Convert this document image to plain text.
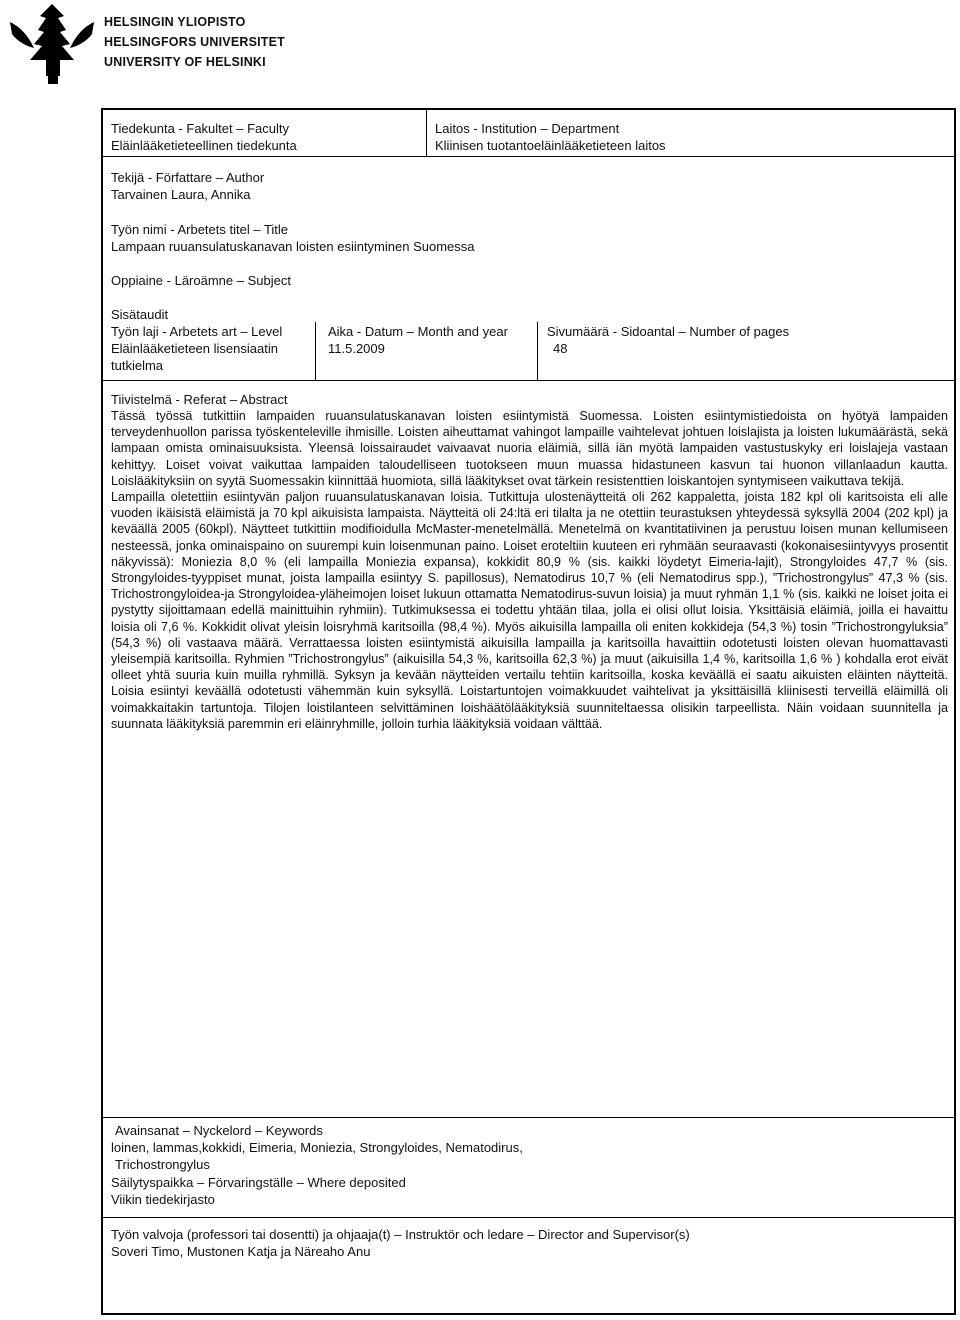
HELSINGIN YLIOPISTO
HELSINGFORS UNIVERSITET
UNIVERSITY OF HELSINKI
Tiedekunta - Fakultet – Faculty
Eläinlääketieteellinen tiedekunta
Laitos - Institution – Department
Kliinisen tuotantoeläinlääketieteen laitos
Tekijä - Författare – Author
Tarvainen Laura, Annika
Työn nimi - Arbetets titel – Title
Lampaan ruuansulatuskanavan loisten esiintyminen Suomessa
Oppiaine - Läroämne – Subject
Sisätaudit
Työn laji - Arbetets art – Level
Eläinlääketieteen lisensiaatin
tutkielma
Aika - Datum – Month and year
11.5.2009
Sivumäärä - Sidoantal – Number of pages
48
Tiivistelmä - Referat – Abstract

Tässä työssä tutkittiin lampaiden ruuansulatuskanavan loisten esiintymistä Suomessa. Loisten esiintymistiedoista on hyötyä lampaiden terveydenhuollon parissa työskenteleville ihmisille. Loisten aiheuttamat vahingot lampaille vaihtelevat johtuen loislajista ja loisten lukumäärästä, sekä lampaan omista ominaisuuksista. Yleensä loissairaudet vaivaavat nuoria eläimiä, sillä iän myötä lampaiden vastustuskyky eri loislajeja vastaan kehittyy. Loiset voivat vaikuttaa lampaiden taloudelliseen tuotokseen muun muassa hidastuneen kasvun tai huonon villanlaadun kautta. Loislääkityksiin on syytä Suomessakin kiinnittää huomiota, sillä lääkitykset ovat tärkein resistenttien loiskantojen syntymiseen vaikuttava tekijä.

Lampailla oletettiin esiintyvän paljon ruuansulatuskanavan loisia. Tutkittuja ulostenäytteitä oli 262 kappaletta, joista 182 kpl oli karitsoista eli alle vuoden ikäisistä eläimistä ja 70 kpl aikuisista lampaista. Näytteitä oli 24:ltä eri tilalta ja ne otettiin teurastuksen yhteydessä syksyllä 2004 (202 kpl) ja keväällä 2005 (60kpl). Näytteet tutkittiin modifioidulla McMaster-menetelmällä. Menetelmä on kvantitatiivinen ja perustuu loisen munan kellumiseen nesteessä, jonka ominaispaino on suurempi kuin loisenmunan paino. Loiset eroteltiin kuuteen eri ryhmään seuraavasti (kokonaisesiintyvyys prosentit näkyvissä): Moniezia 8,0 % (eli lampailla Moniezia expansa), kokkidit 80,9 % (sis. kaikki löydetyt Eimeria-lajit), Strongyloides 47,7 % (sis. Strongyloides-tyyppiset munat, joista lampailla esiintyy S. papillosus), Nematodirus 10,7 % (eli Nematodirus spp.), ”Trichostrongylus” 47,3 % (sis. Trichostrongyloidea-ja Strongyloidea-yläheimojen loiset lukuun ottamatta Nematodirus-suvun loisia) ja muut ryhmän 1,1 % (sis. kaikki ne loiset joita ei pystytty sijoittamaan edellä mainittuihin ryhmiin). Tutkimuksessa ei todettu yhtään tilaa, jolla ei olisi ollut loisia. Yksittäisiä eläimiä, joilla ei havaittu loisia oli 7,6 %. Kokkidit olivat yleisin loisryhmä karitsoilla (98,4 %). Myös aikuisilla lampailla oli eniten kokkideja (54,3 %) tosin ”Trichostrongyluksia” (54,3 %) oli vastaava määrä. Verrattaessa loisten esiintymistä aikuisilla lampailla ja karitsoilla havaittiin odotetusti loisten olevan huomattavasti yleisempiä karitsoilla. Ryhmien ”Trichostrongylus” (aikuisilla 54,3 %, karitsoilla 62,3 %) ja muut (aikuisilla 1,4 %, karitsoilla 1,6 % ) kohdalla erot eivät olleet yhtä suuria kuin muilla ryhmillä. Syksyn ja kevään näytteiden vertailu tehtiin karitsoilla, koska keväällä ei saatu aikuisten eläinten näytteitä. Loisia esiintyi keväällä odotetusti vähemmän kuin syksyllä. Loistartuntojen voimakkuudet vaihtelivat ja yksittäisillä kliinisesti terveillä eläimillä oli voimakkaitakin tartuntoja. Tilojen loistilanteen selvittäminen loishäätölääkityksiä suunniteltaessa olisikin tarpeellista. Näin voidaan suunnitella ja suunnata lääkityksiä paremmin eri eläinryhmille, jolloin turhia lääkityksiä voidaan välttää.

Avainsanat – Nyckelord – Keywords
loinen, lammas,kokkidi, Eimeria, Moniezia, Strongyloides, Nematodirus,
Trichostrongylus
Säilytyspaikka – Förvaringställe – Where deposited
Viikin tiedekirjasto
Työn valvoja (professori tai dosentti) ja ohjaaja(t) – Instruktör och ledare – Director and Supervisor(s)
Soveri Timo, Mustonen Katja ja Näreaho Anu
